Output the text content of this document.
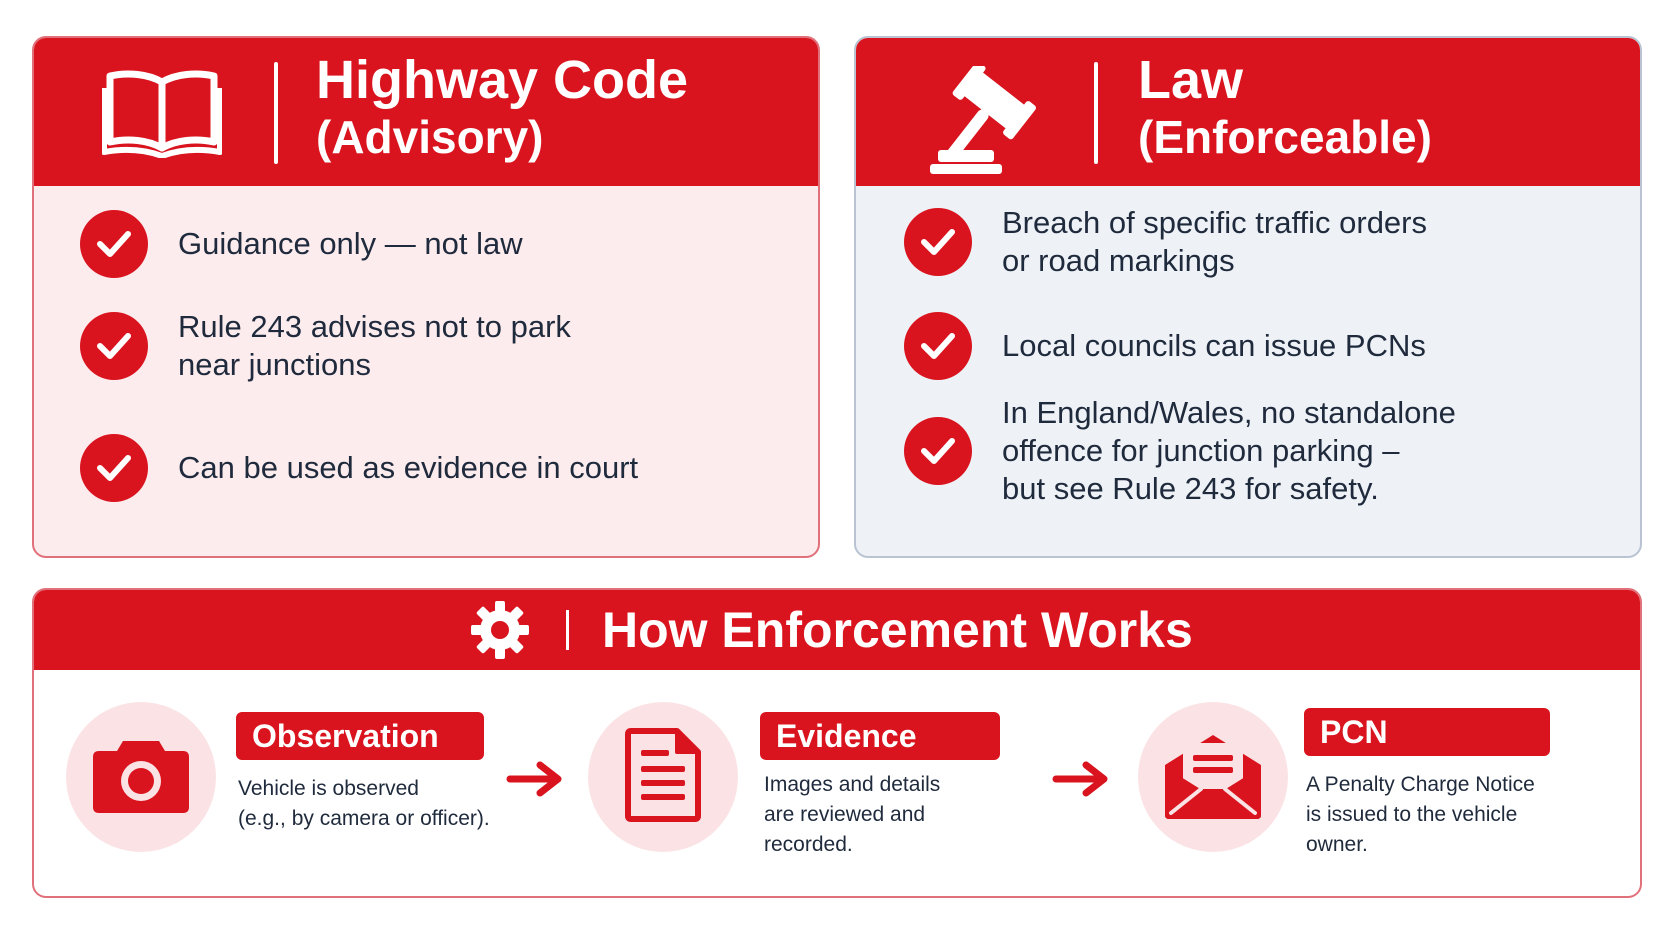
Highway Code
(Advisory)
Guidance only — not law
Rule 243 advises not to park
near junctions
Can be used as evidence in court
Law
(Enforceable)
Breach of specific traffic orders
or road markings
Local councils can issue PCNs
In England/Wales, no standalone
offence for junction parking –
but see Rule 243 for safety.
How Enforcement Works
Observation
Vehicle is observed
(e.g., by camera or officer).
Evidence
Images and details
are reviewed and
recorded.
PCN
A Penalty Charge Notice
is issued to the vehicle
owner.
